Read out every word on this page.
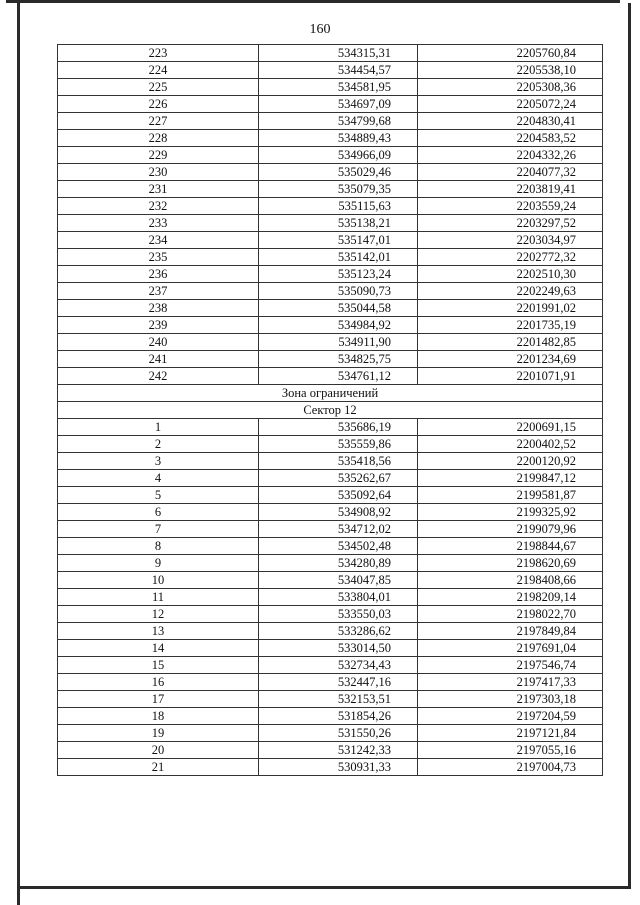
160
223	534315,31	2205760,84
224	534454,57	2205538,10
225	534581,95	2205308,36
226	534697,09	2205072,24
227	534799,68	2204830,41
228	534889,43	2204583,52
229	534966,09	2204332,26
230	535029,46	2204077,32
231	535079,35	2203819,41
232	535115,63	2203559,24
233	535138,21	2203297,52
234	535147,01	2203034,97
235	535142,01	2202772,32
236	535123,24	2202510,30
237	535090,73	2202249,63
238	535044,58	2201991,02
239	534984,92	2201735,19
240	534911,90	2201482,85
241	534825,75	2201234,69
242	534761,12	2201071,91
Зона ограничений		
Сектор 12		
1	535686,19	2200691,15
2	535559,86	2200402,52
3	535418,56	2200120,92
4	535262,67	2199847,12
5	535092,64	2199581,87
6	534908,92	2199325,92
7	534712,02	2199079,96
8	534502,48	2198844,67
9	534280,89	2198620,69
10	534047,85	2198408,66
11	533804,01	2198209,14
12	533550,03	2198022,70
13	533286,62	2197849,84
14	533014,50	2197691,04
15	532734,43	2197546,74
16	532447,16	2197417,33
17	532153,51	2197303,18
18	531854,26	2197204,59
19	531550,26	2197121,84
20	531242,33	2197055,16
21	530931,33	2197004,73
